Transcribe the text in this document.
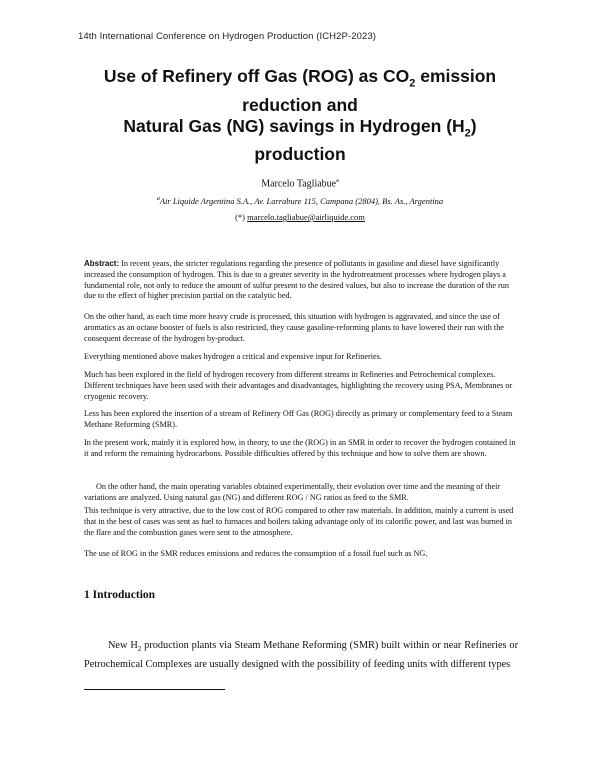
14th International Conference on Hydrogen Production (ICH2P-2023)

Use of Refinery off Gas (ROG) as $CO_2$ emission

reduction and

Natural Gas (NG) savings in Hydrogen $(H_2)$

production

Marcelo Tagliabue$^a$
$^a$Air Liquide Argentina S.A., Av. Larrabure 115, Campana (2804), Bs. As., Argentina
(*) marcelo.tagliabue@airliquide.com

Abstract: In recent years, the stricter regulations regarding the presence of pollutants in gasoline and diesel have significantly increased the consumption of hydrogen. This is due to a greater severity in the hydrotreatment processes where hydrogen plays a fundamental role, not only to reduce the amount of sulfur present to the desired values, but also to increase the duration of the run due to the effect of higher precision partial on the catalytic bed.

On the other hand, as each time more heavy crude is processed, this situation with hydrogen is aggravated, and since the use of aromatics as an octane booster of fuels is also restricted, they cause gasoline-reforming plants to have lowered their run with the consequent decrease of the hydrogen by-product.

Everything mentioned above makes hydrogen a critical and expensive input for Refineries.

Much has been explored in the field of hydrogen recovery from different streams in Refineries and Petrochemical complexes. Different techniques have been used with their advantages and disadvantages, highlighting the recovery using PSA, Membranes or cryogenic recovery.

Less has been explored the insertion of a stream of Refinery Off Gas (ROG) directly as primary or complementary feed to a Steam Methane Reforming (SMR).

In the present work, mainly it is explored how, in theory, to use the (ROG) in an SMR in order to recover the hydrogen contained in it and reform the remaining hydrocarbons. Possible difficulties offered by this technique and how to solve them are shown.

On the other hand, the main operating variables obtained experimentally, their evolution over time and the meaning of their variations are analyzed. Using natural gas (NG) and different ROG / NG ratios as feed to the SMR.

This technique is very attractive, due to the low cost of ROG compared to other raw materials. In addition, mainly a current is used that in the best of cases was sent as fuel to furnaces and boilers taking advantage only of its calorific power, and last was burned in the flare and the combustion gases were sent to the atmosphere.

The use of ROG in the SMR reduces emissions and reduces the consumption of a fossil fuel such as NG.

1 Introduction

New $H_2$ production plants via Steam Methane Reforming (SMR) built within or near Refineries or Petrochemical Complexes are usually designed with the possibility of feeding units with different types
